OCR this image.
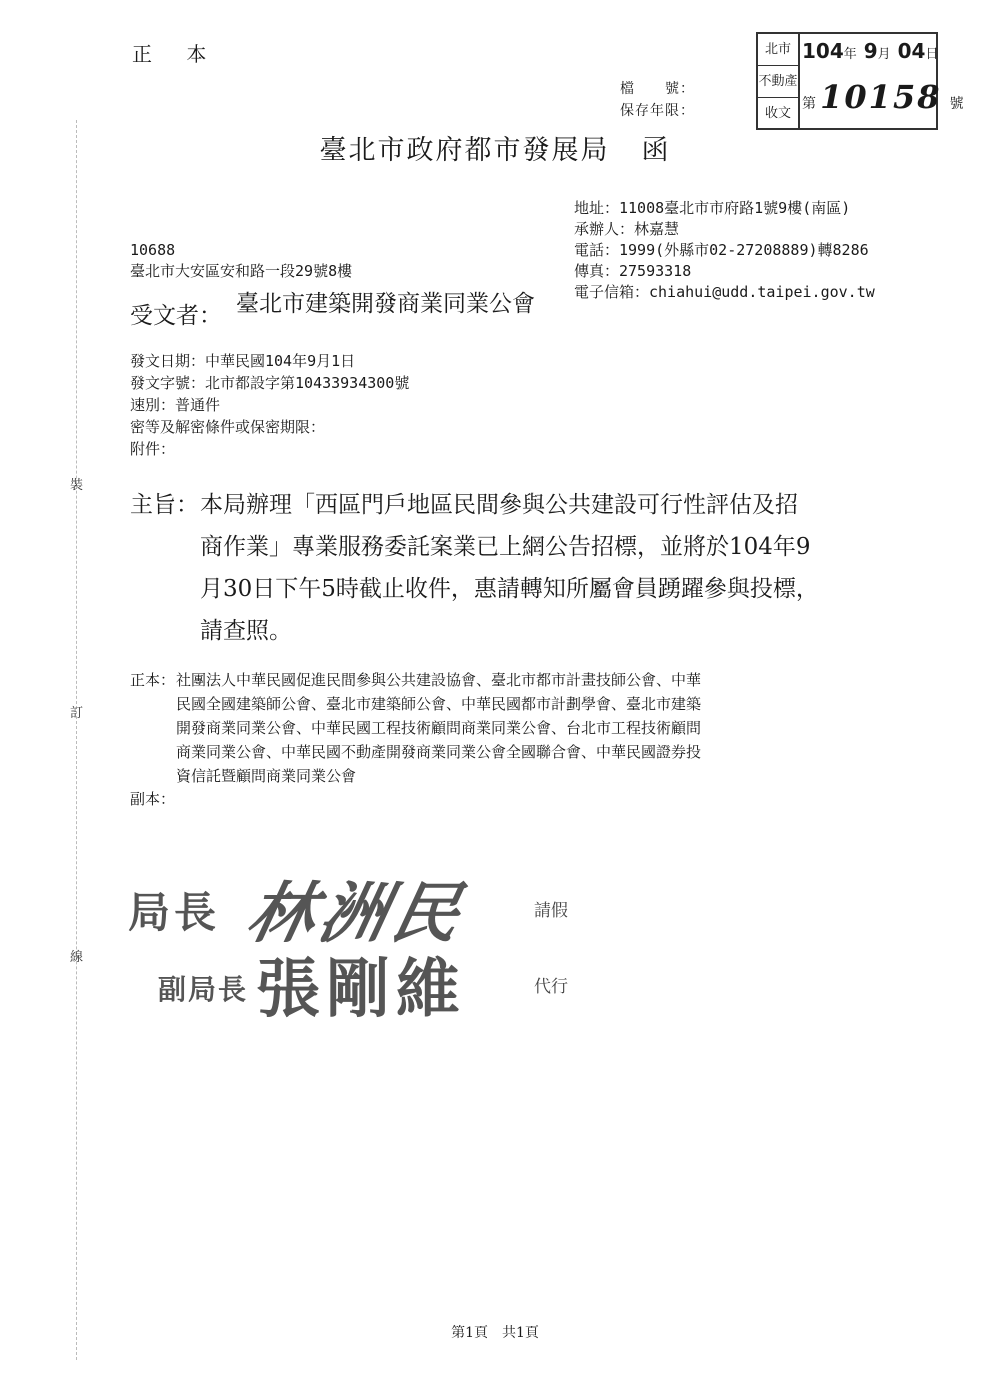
正 本
檔　　號：
保存年限：
北市
不動產
收文
104年 9月 04日
第 10158 號
臺北市政府都市發展局 函
地址：11008臺北市市府路1號9樓(南區)
承辦人：林嘉慧
電話：1999(外縣市02-27208889)轉8286
傳真：27593318
電子信箱：chiahui@udd.taipei.gov.tw
10688
臺北市大安區安和路一段29號8樓
受文者： 臺北市建築開發商業同業公會
發文日期：中華民國104年9月1日
發文字號：北市都設字第10433934300號
速別：普通件
密等及解密條件或保密期限：
附件：
主旨： 本局辦理「西區門戶地區民間參與公共建設可行性評估及招
商作業」專業服務委託案業已上網公告招標，並將於104年9
月30日下午5時截止收件，惠請轉知所屬會員踴躍參與投標，
請查照。
正本： 社團法人中華民國促進民間參與公共建設協會、臺北市都市計畫技師公會、中華
民國全國建築師公會、臺北市建築師公會、中華民國都市計劃學會、臺北市建築
開發商業同業公會、中華民國工程技術顧問商業同業公會、台北市工程技術顧問
商業同業公會、中華民國不動產開發商業同業公會全國聯合會、中華民國證券投
資信託暨顧問商業同業公會
副本：
裝
訂
線
局長 林洲民	請假
副局長 張剛維	代行
第1頁　共1頁
